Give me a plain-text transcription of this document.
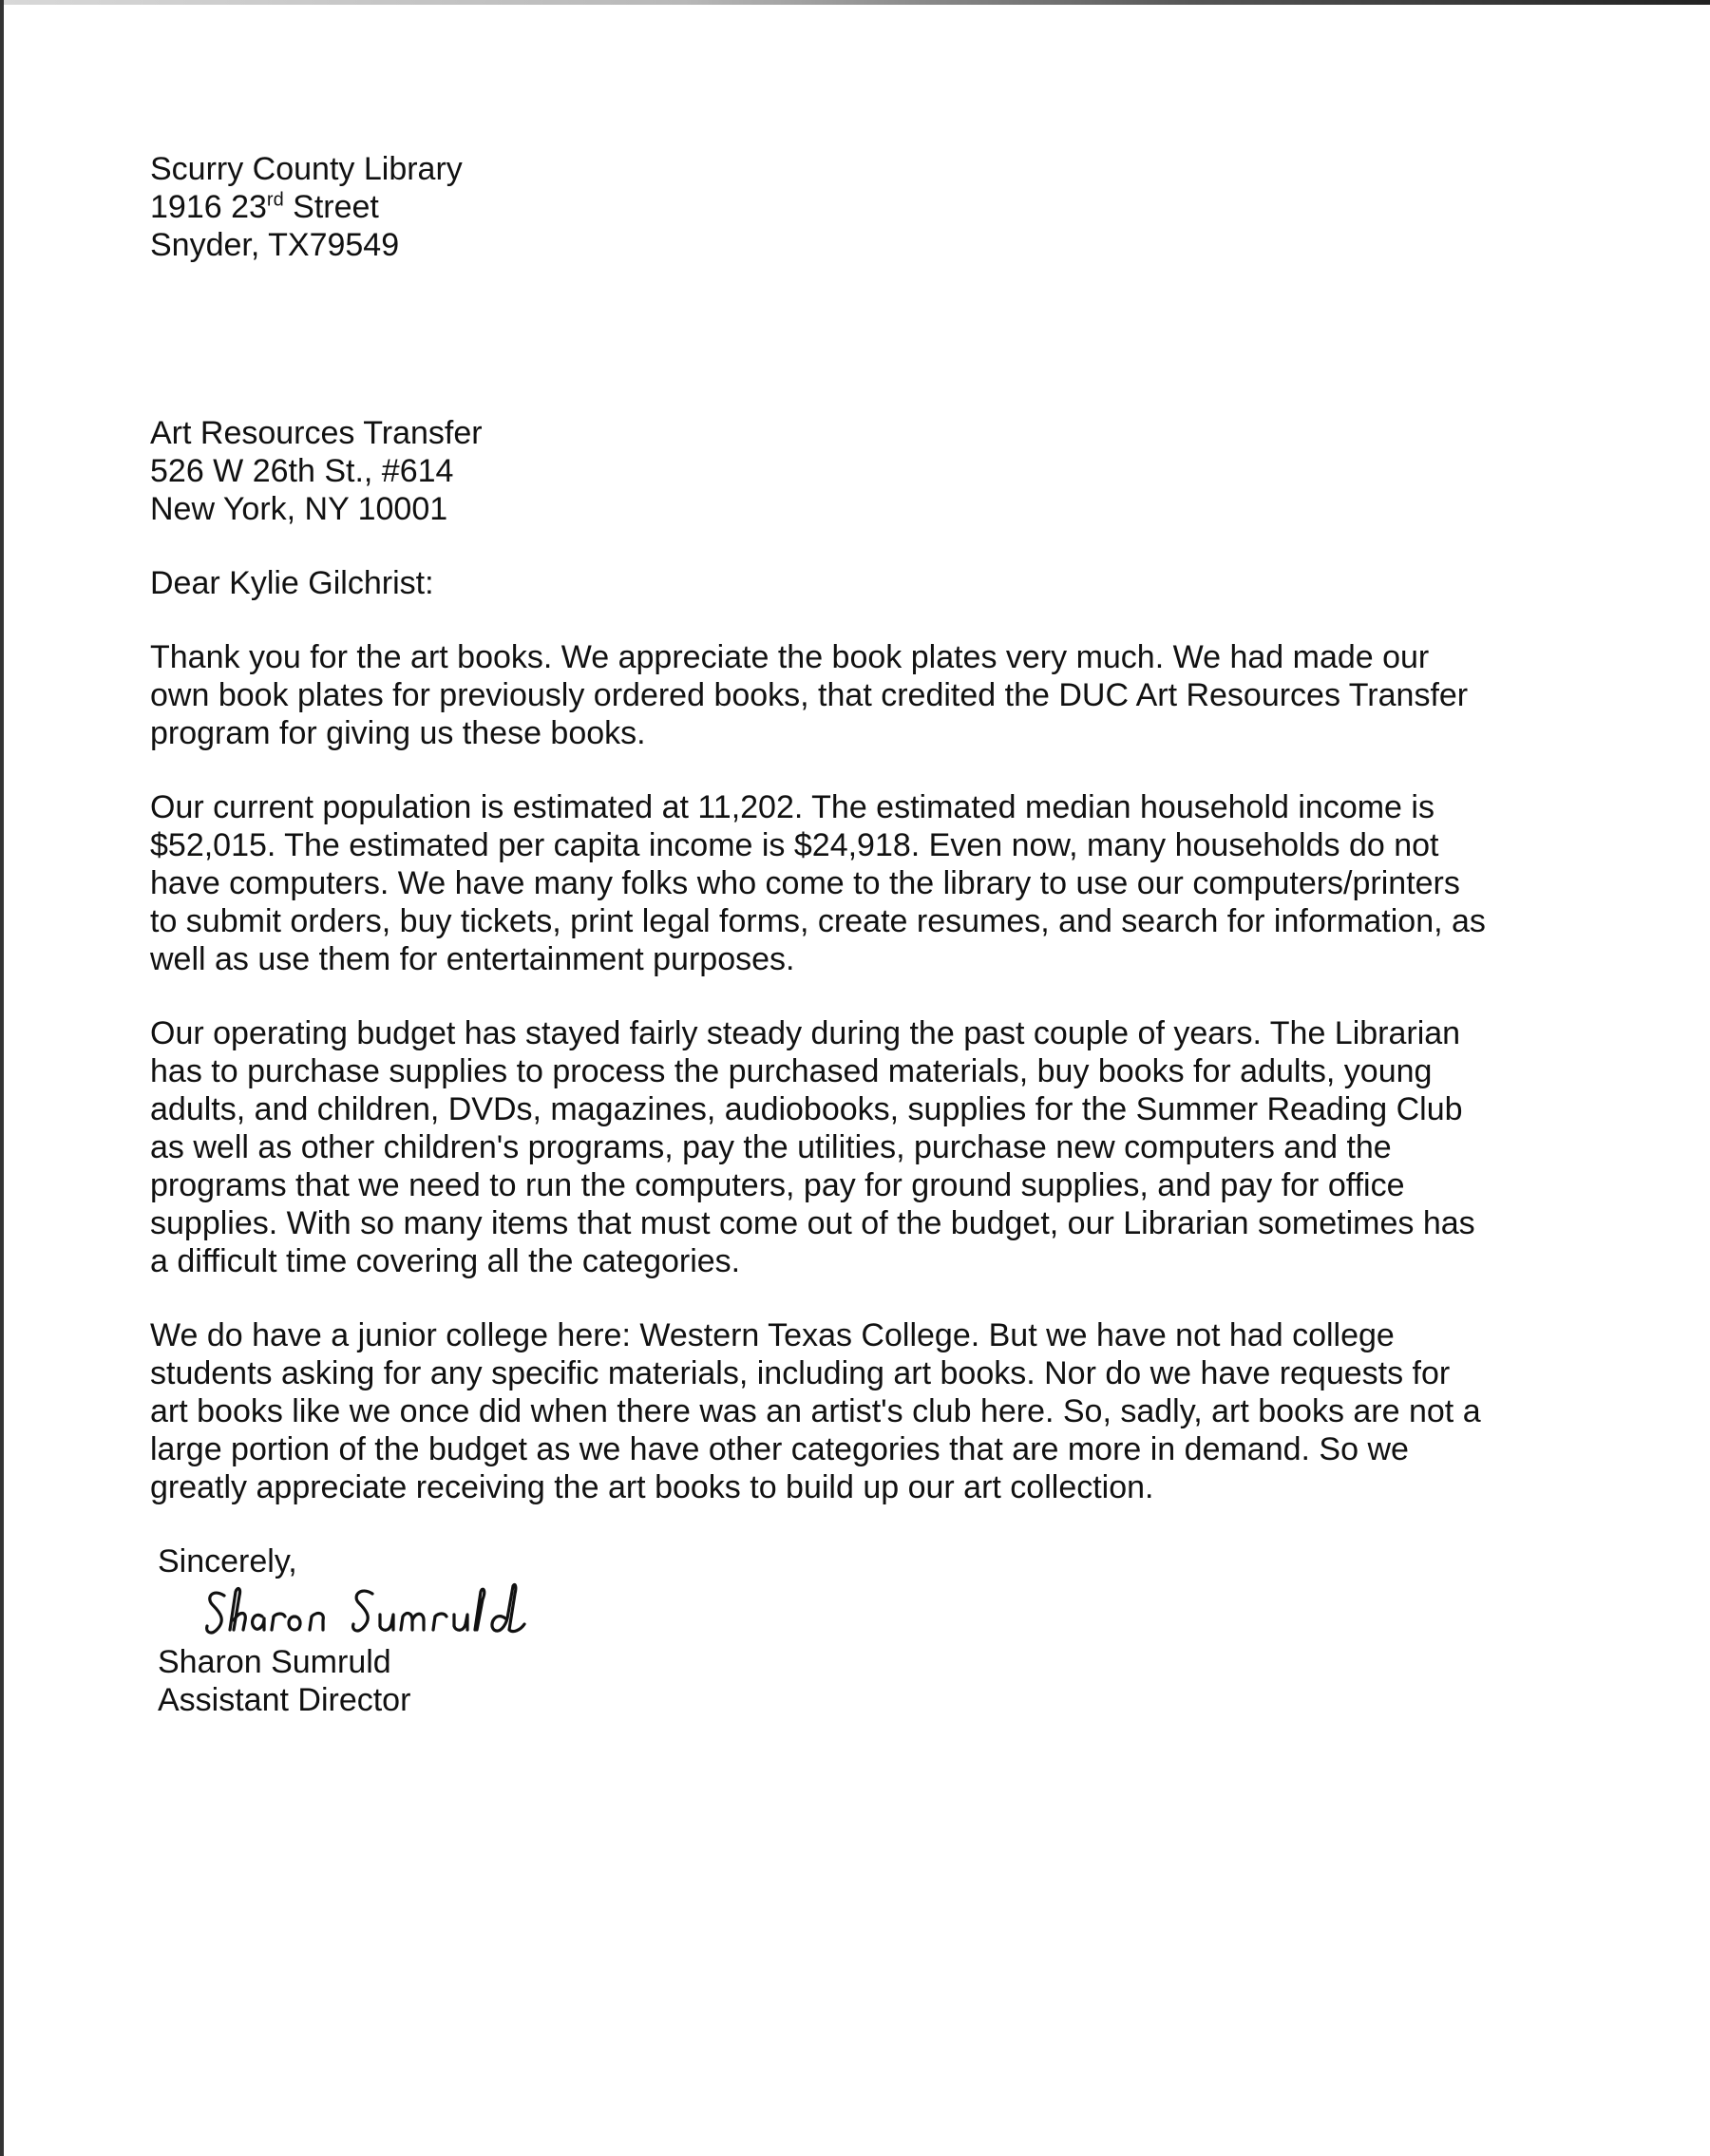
Scurry County Library
1916 23rd Street
Snyder, TX79549
Art Resources Transfer
526 W 26th St., #614
New York, NY 10001
Dear Kylie Gilchrist:
Thank you for the art books. We appreciate the book plates very much. We had made our
own book plates for previously ordered books, that credited the DUC Art Resources Transfer
program for giving us these books.
Our current population is estimated at 11,202. The estimated median household income is
$52,015. The estimated per capita income is $24,918. Even now, many households do not
have computers. We have many folks who come to the library to use our computers/printers
to submit orders, buy tickets, print legal forms, create resumes, and search for information, as
well as use them for entertainment purposes.
Our operating budget has stayed fairly steady during the past couple of years. The Librarian
has to purchase supplies to process the purchased materials, buy books for adults, young
adults, and children, DVDs, magazines, audiobooks, supplies for the Summer Reading Club
as well as other children's programs, pay the utilities, purchase new computers and the
programs that we need to run the computers, pay for ground supplies, and pay for office
supplies. With so many items that must come out of the budget, our Librarian sometimes has
a difficult time covering all the categories.
We do have a junior college here: Western Texas College. But we have not had college
students asking for any specific materials, including art books. Nor do we have requests for
art books like we once did when there was an artist's club here. So, sadly, art books are not a
large portion of the budget as we have other categories that are more in demand. So we
greatly appreciate receiving the art books to build up our art collection.
Sincerely,
Sharon Sumruld
Assistant Director
